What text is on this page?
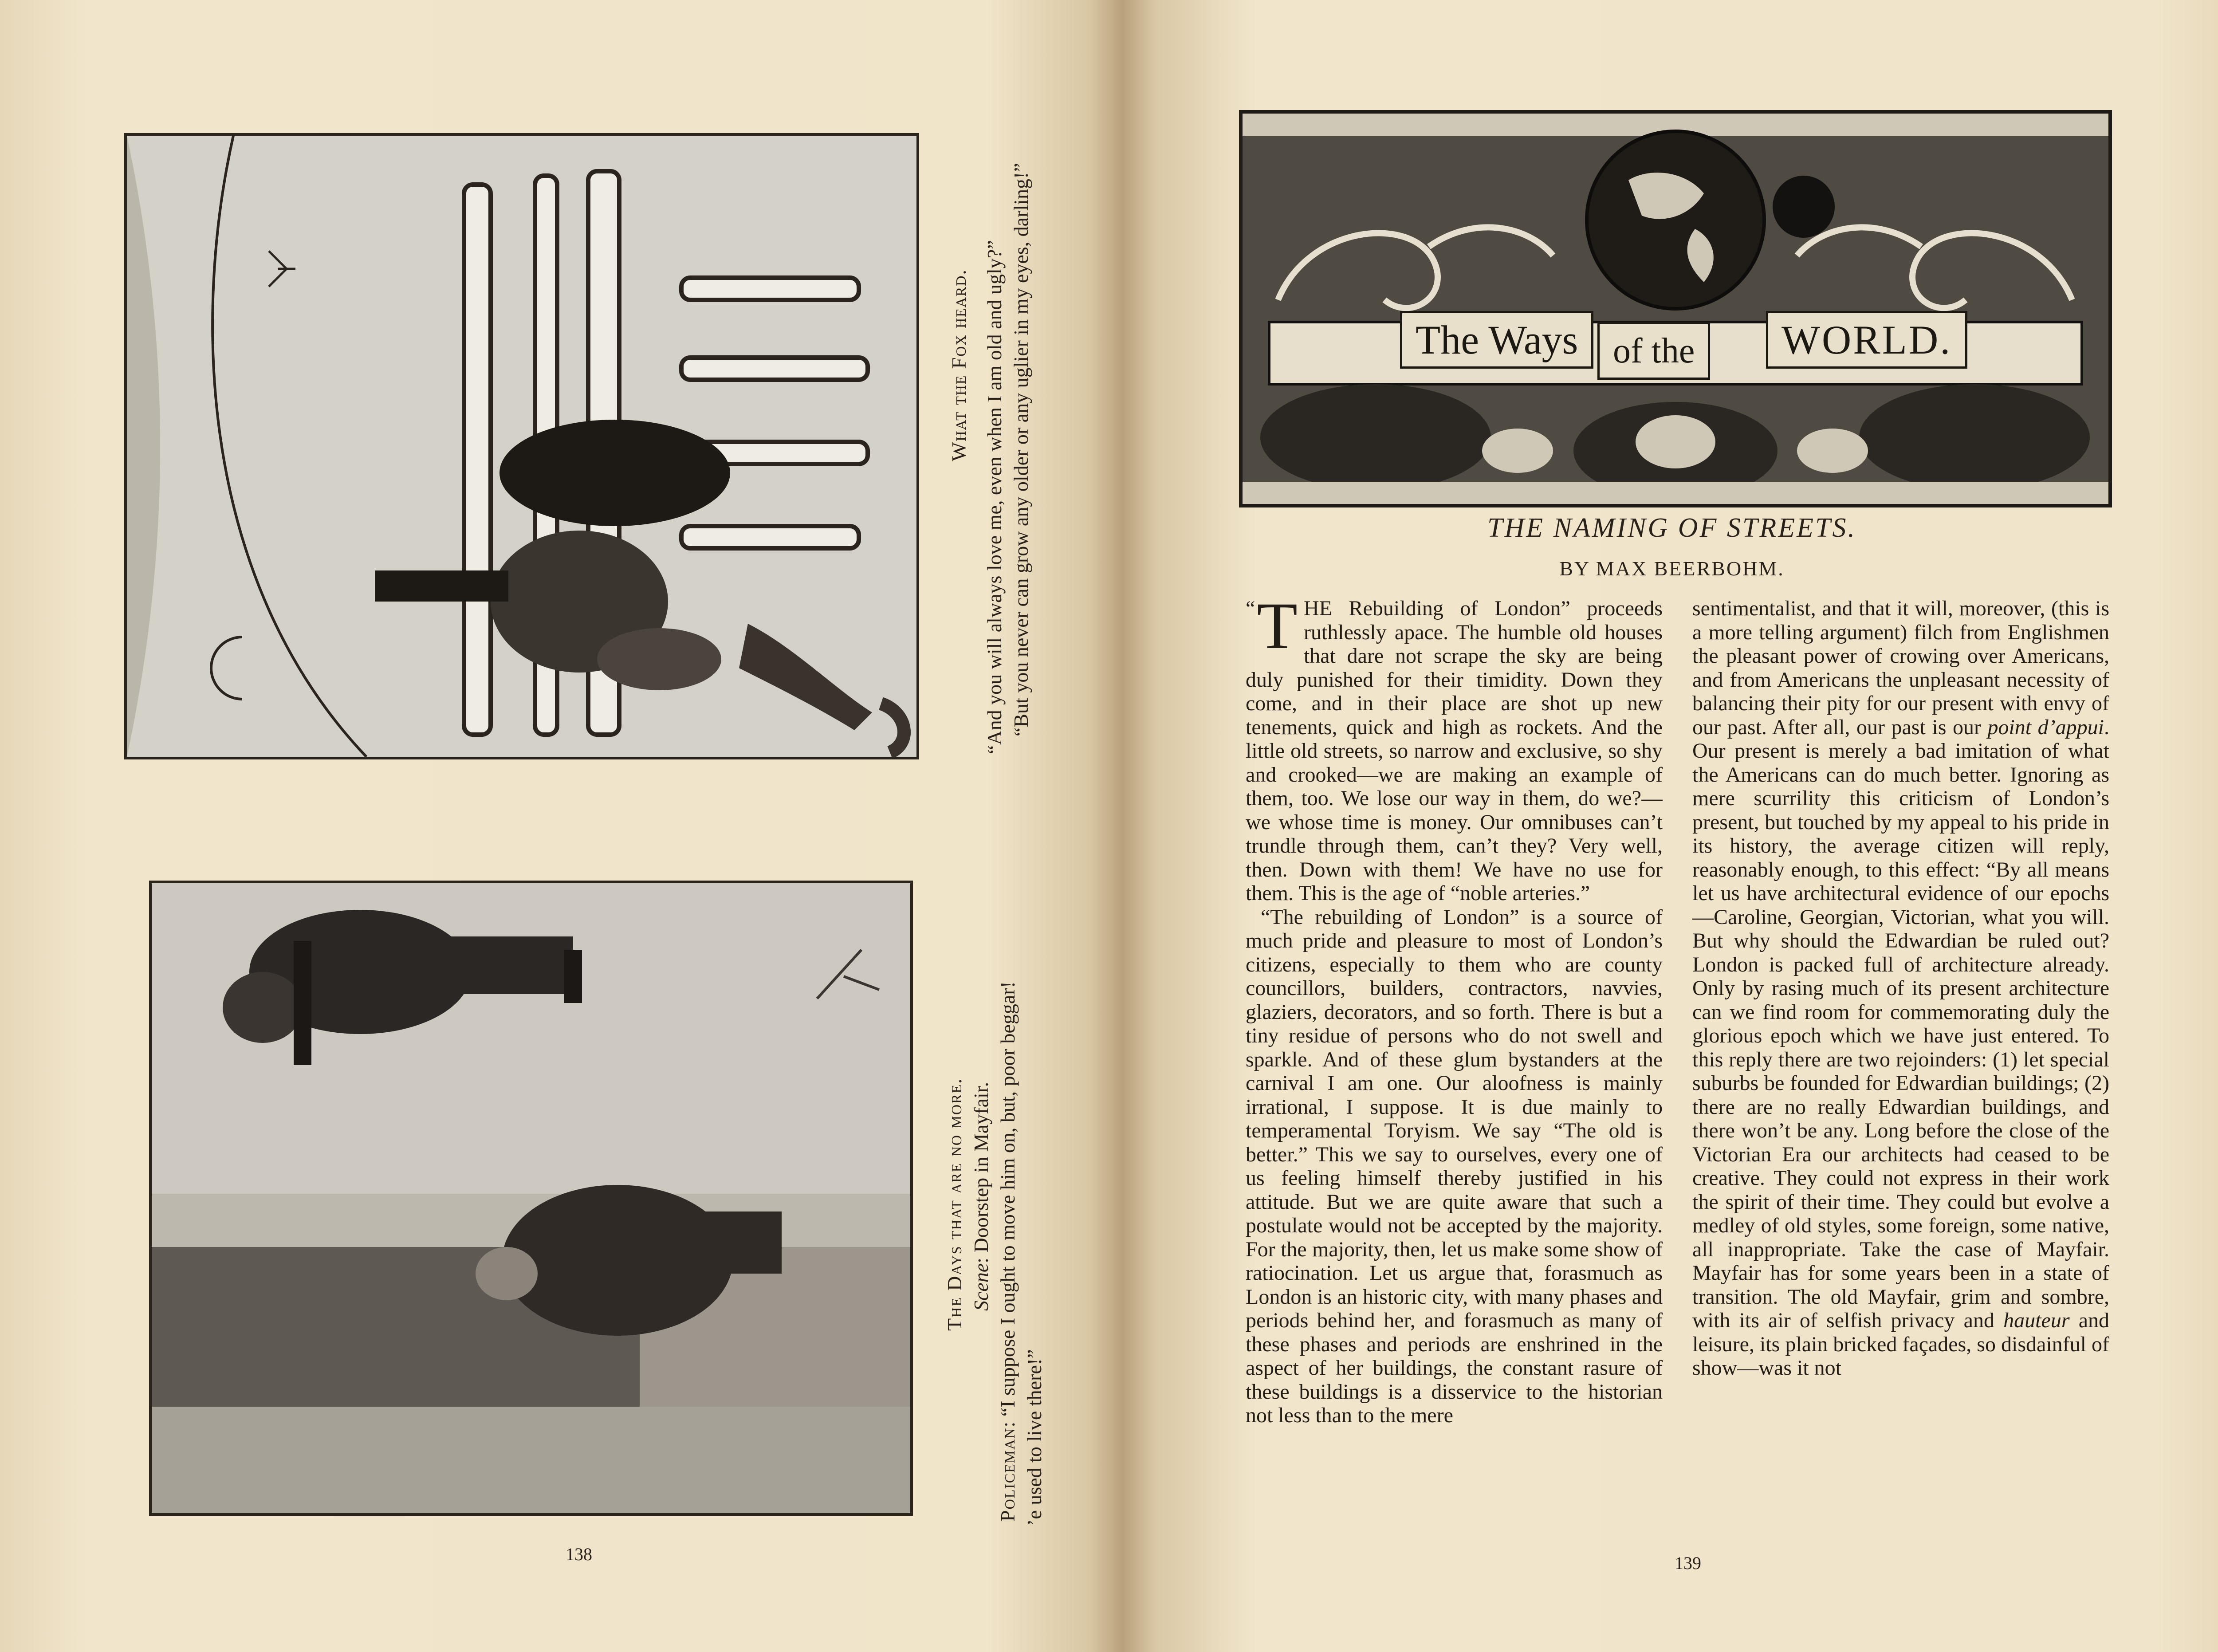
What the Fox heard. “And you will always love me, even when I am old and ugly?” “But you never can grow any older or any uglier in my eyes, darling!”
The Days that are no more. Scene: Doorstep in Mayfair.
Policeman: “I suppose I ought to move him on, but, poor beggar!
’e used to live there!”
138
The Ways of the	WORLD.
THE NAMING OF STREETS.
BY MAX BEERBOHM.

“ T HE Rebuilding of London” proceeds ruthlessly apace. The humble old houses that dare not scrape the sky are being duly punished for their timidity. Down they come, and in their place are shot up new tenements, quick and high as rockets. And the little old streets, so narrow and exclusive, so shy and crooked—we are making an example of them, too. We lose our way in them, do we?—we whose time is money. Our omnibuses can’t trundle through them, can’t they? Very well, then. Down with them! We have no use for them. This is the age of “noble arteries.”

“The rebuilding of London” is a source of much pride and pleasure to most of London’s citizens, especially to them who are county councillors, builders, contractors, navvies, glaziers, decorators, and so forth. There is but a tiny residue of persons who do not swell and sparkle. And of these glum bystanders at the carnival I am one. Our aloofness is mainly irrational, I suppose. It is due mainly to temperamental Toryism. We say “The old is better.” This we say to ourselves, every one of us feeling himself thereby justified in his attitude. But we are quite aware that such a postulate would not be accepted by the majority. For the majority, then, let us make some show of ratiocination. Let us argue that, forasmuch as London is an historic city, with many phases and periods behind her, and forasmuch as many of these phases and periods are enshrined in the aspect of her buildings, the constant rasure of these buildings is a disservice to the historian not less than to the mere

sentimentalist, and that it will, moreover, (this is a more telling argument) filch from Englishmen the pleasant power of crowing over Americans, and from Americans the unpleasant necessity of balancing their pity for our present with envy of our past. After all, our past is our point d’appui. Our present is merely a bad imitation of what the Americans can do much better. Ignoring as mere scurrility this criticism of London’s present, but touched by my appeal to his pride in its history, the average citizen will reply, reasonably enough, to this effect: “By all means let us have architectural evidence of our epochs —Caroline, Georgian, Victorian, what you will. But why should the Edwardian be ruled out? London is packed full of architecture already. Only by rasing much of its present architecture can we find room for commemorating duly the glorious epoch which we have just entered. To this reply there are two rejoinders: (1) let special suburbs be founded for Edwardian buildings; (2) there are no really Edwardian buildings, and there won’t be any. Long before the close of the Victorian Era our architects had ceased to be creative. They could not express in their work the spirit of their time. They could but evolve a medley of old styles, some foreign, some native, all inappropriate. Take the case of Mayfair. Mayfair has for some years been in a state of transition. The old Mayfair, grim and sombre, with its air of selfish privacy and hauteur and leisure, its plain bricked façades, so disdainful of show—was it not

139
